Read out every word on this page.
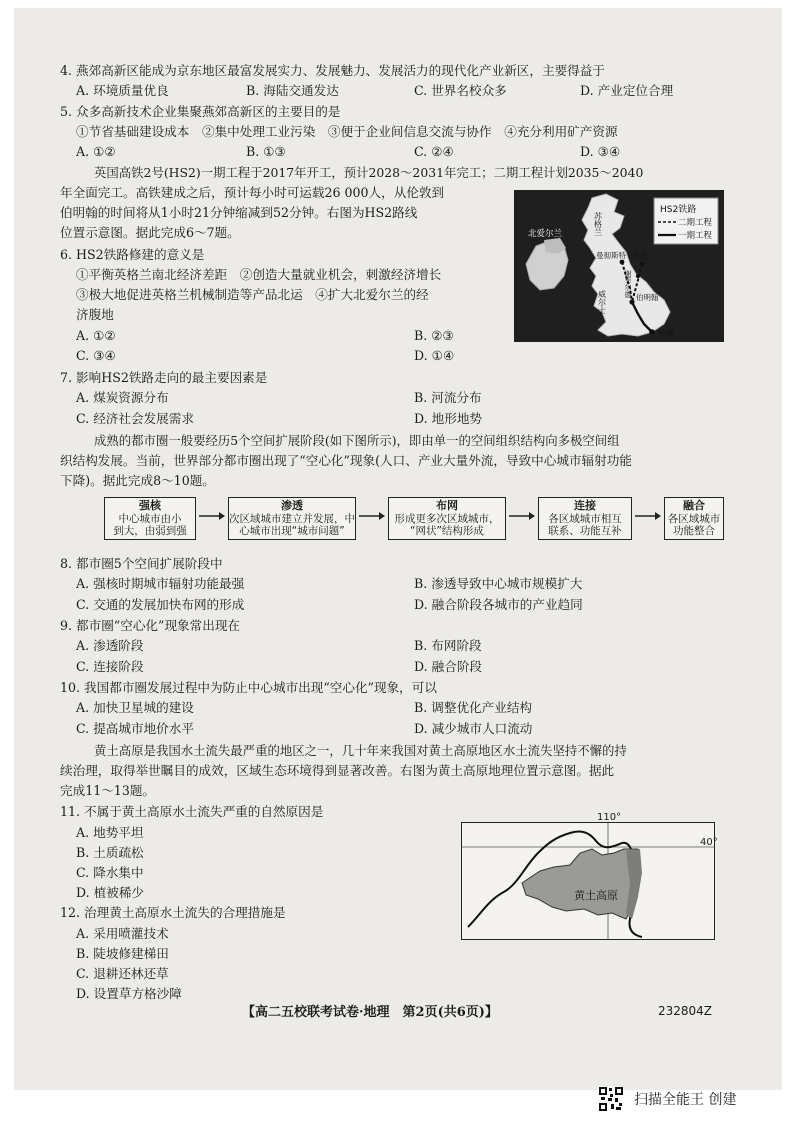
4. 燕郊高新区能成为京东地区最富发展实力、发展魅力、发展活力的现代化产业新区，主要得益于
A. 环境质量优良	B. 海陆交通发达	C. 世界名校众多	D. 产业定位合理
5. 众多高新技术企业集聚燕郊高新区的主要目的是
①节省基础建设成本　②集中处理工业污染　③便于企业间信息交流与协作　④充分利用矿产资源
A. ①②	B. ①③	C. ②④	D. ③④
英国高铁2号(HS2)一期工程于2017年开工，预计2028～2031年完工；二期工程计划2035～2040
年全面完工。高铁建成之后，预计每小时可运载26 000人，从伦敦到
伯明翰的时间将从1小时21分钟缩减到52分钟。右图为HS2路线
位置示意图。据此完成6～7题。
HS2铁路
二期工程
一期工程
苏格兰
北爱尔兰
曼彻斯特 利兹
谢菲尔德
威尔士	伯明翰
伦敦
6. HS2铁路修建的意义是
①平衡英格兰南北经济差距　②创造大量就业机会，刺激经济增长
③极大地促进英格兰机械制造等产品北运　④扩大北爱尔兰的经
济腹地
A. ①②	B. ②③
C. ③④	D. ①④
7. 影响HS2铁路走向的最主要因素是
A. 煤炭资源分布	B. 河流分布
C. 经济社会发展需求	D. 地形地势
成熟的都市圈一般要经历5个空间扩展阶段(如下图所示)，即由单一的空间组织结构向多极空间组
织结构发展。当前，世界部分都市圈出现了“空心化”现象(人口、产业大量外流，导致中心城市辐射功能
下降)。据此完成8～10题。
强核
中心城市由小
到大，由弱到强
渗透
次区域城市建立并发展，中
心城市出现“城市问题”
布网
形成更多次区域城市，
“网状”结构形成
连接
各区域城市相互
联系、功能互补
融合
各区域城市
功能整合
8. 都市圈5个空间扩展阶段中
A. 强核时期城市辐射功能最强	B. 渗透导致中心城市规模扩大
C. 交通的发展加快布网的形成	D. 融合阶段各城市的产业趋同
9. 都市圈“空心化”现象常出现在
A. 渗透阶段	B. 布网阶段
C. 连接阶段	D. 融合阶段
10. 我国都市圈发展过程中为防止中心城市出现“空心化”现象，可以
A. 加快卫星城的建设	B. 调整优化产业结构
C. 提高城市地价水平	D. 减少城市人口流动
黄土高原是我国水土流失最严重的地区之一，几十年来我国对黄土高原地区水土流失坚持不懈的持
续治理，取得举世瞩目的成效，区域生态环境得到显著改善。右图为黄土高原地理位置示意图。据此
完成11～13题。
黄土高原
110°
40°
11. 不属于黄土高原水土流失严重的自然原因是
A. 地势平坦
B. 土质疏松
C. 降水集中
D. 植被稀少
12. 治理黄土高原水土流失的合理措施是
A. 采用喷灌技术
B. 陡坡修建梯田
C. 退耕还林还草
D. 设置草方格沙障
【高二五校联考试卷·地理　第2页(共6页)】	232804Z
扫描全能王 创建
